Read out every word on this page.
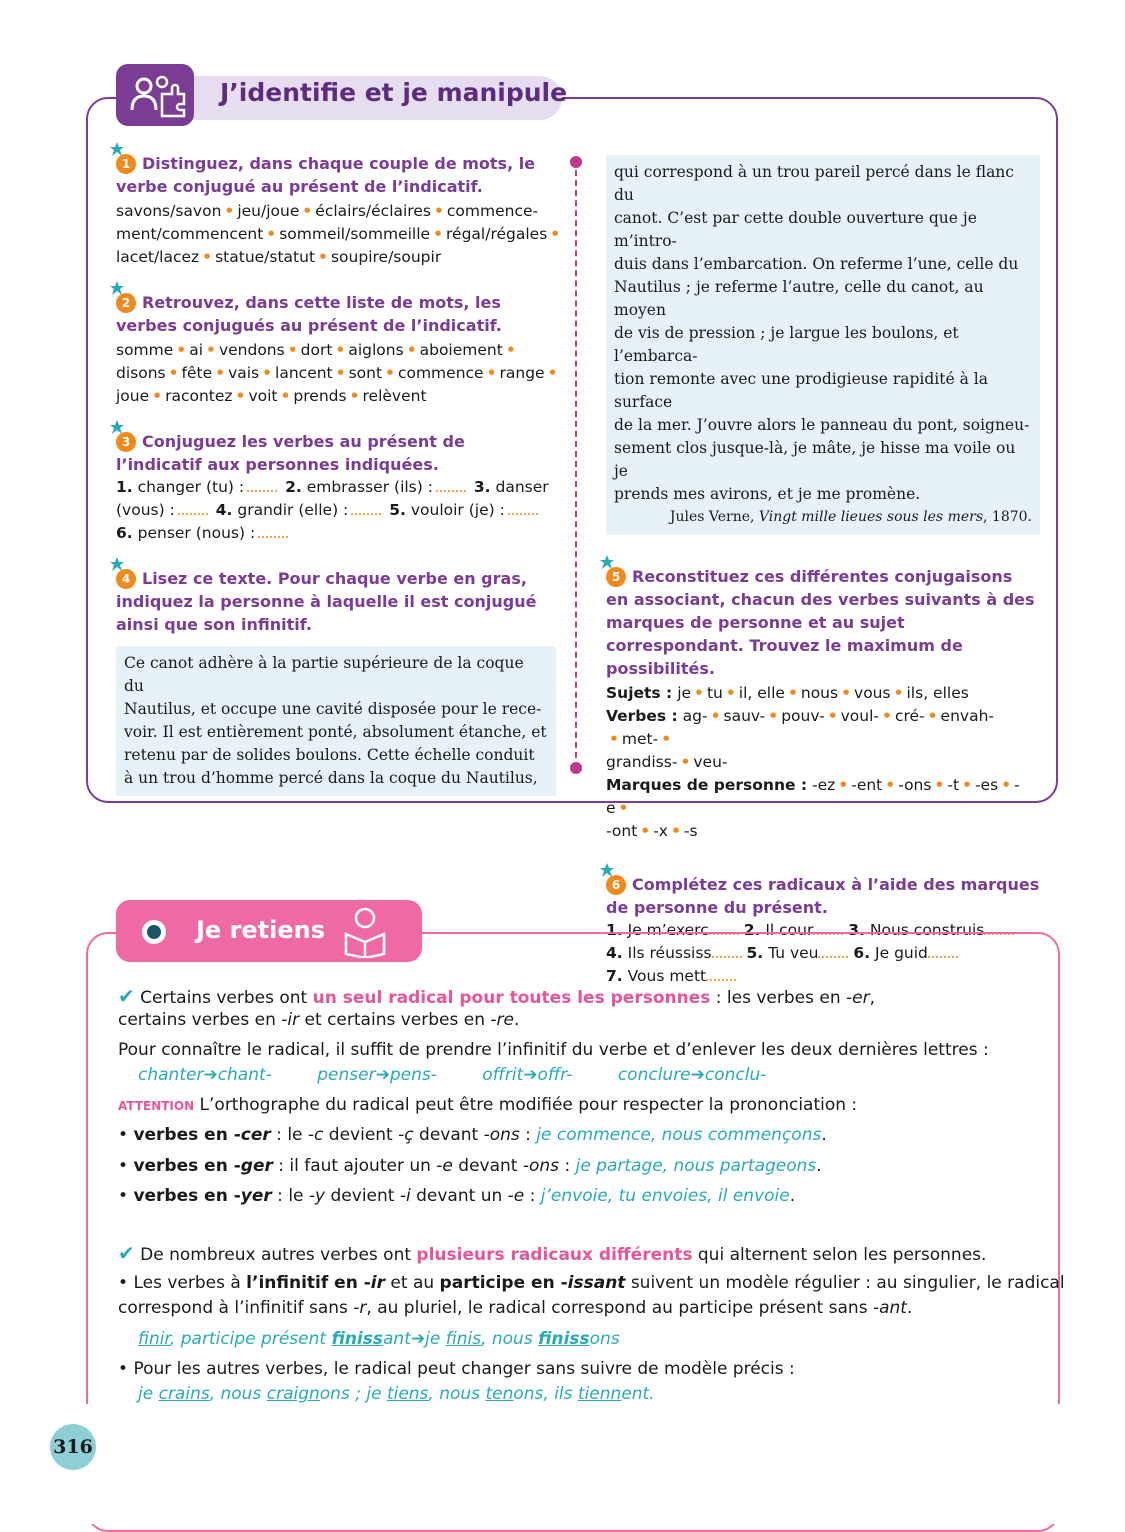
J’identifie et je manipule
1 Distinguez, dans chaque couple de mots, le verbe conjugué au présent de l’indicatif.

savons/savon • jeu/joue • éclairs/éclaires • commence-

ment/commencent • sommeil/sommeille • régal/régales •

lacet/lacez • statue/statut • soupire/soupir

2 Retrouvez, dans cette liste de mots, les verbes conjugués au présent de l’indicatif.

somme • ai • vendons • dort • aiglons • aboiement •

disons • fête • vais • lancent • sont • commence • range •

joue • racontez • voit • prends • relèvent

3 Conjuguez les verbes au présent de l’indicatif aux personnes indiquées.

1. changer (tu) :	2. embrasser (ils) :	3. danser

(vous) :	4. grandir (elle) :	5. vouloir (je) :

6. penser (nous) :

4 Lisez ce texte. Pour chaque verbe en gras, indiquez la personne à laquelle il est conjugué ainsi que son infinitif.
Ce canot adhère à la partie supérieure de la coque du
Nautilus, et occupe une cavité disposée pour le rece-
voir. Il est entièrement ponté, absolument étanche, et
retenu par de solides boulons. Cette échelle conduit
à un trou d’homme percé dans la coque du Nautilus,
qui correspond à un trou pareil percé dans le flanc du
canot. C’est par cette double ouverture que je m’intro-
duis dans l’embarcation. On referme l’une, celle du
Nautilus ; je referme l’autre, celle du canot, au moyen
de vis de pression ; je largue les boulons, et l’embarca-
tion remonte avec une prodigieuse rapidité à la surface
de la mer. J’ouvre alors le panneau du pont, soigneu-
sement clos jusque-là, je mâte, je hisse ma voile ou je
prends mes avirons, et je me promène.
Jules Verne, Vingt mille lieues sous les mers, 1870.
5 Reconstituez ces différentes conjugaisons en associant, chacun des verbes suivants à des marques de personne et au sujet correspondant. Trouvez le maximum de possibilités.

Sujets : je • tu • il, elle • nous • vous • ils, elles

Verbes : ag- • sauv- • pouv- • voul- • cré- • envah-• met- •

grandiss- • veu-

Marques de personne : -ez • -ent • -ons • -t • -es • -e •

-ont • -x • -s

6 Complétez ces radicaux à l’aide des marques de personne du présent.

1. Je m’exerc 2. Il cour 3. Nous construis

4. Ils réussiss 5. Tu veu 6. Je guid

7. Vous mett

Je retiens
✔ Certains verbes ont un seul radical pour toutes les personnes : les verbes en -er,
certains verbes en -ir et certains verbes en -re.
Pour connaître le radical, il suffit de prendre l’infinitif du verbe et d’enlever les deux dernières lettres :
chanter➔chant-	penser➔pens-	offrit➔offr-	conclure➔conclu-
ATTENTION L’orthographe du radical peut être modifiée pour respecter la prononciation :
• verbes en -cer : le -c devient -ç devant -ons : je commence, nous commençons.
• verbes en -ger : il faut ajouter un -e devant -ons : je partage, nous partageons.
• verbes en -yer : le -y devient -i devant un -e : j’envoie, tu envoies, il envoie.
✔ De nombreux autres verbes ont plusieurs radicaux différents qui alternent selon les personnes.
• Les verbes à l’infinitif en -ir et au participe en -issant suivent un modèle régulier : au singulier, le radical
correspond à l’infinitif sans -r, au pluriel, le radical correspond au participe présent sans -ant.
finir, participe présent finissant➔je finis, nous finissons
• Pour les autres verbes, le radical peut changer sans suivre de modèle précis :
je crains, nous craignons ; je tiens, nous tenons, ils tiennent.
316
